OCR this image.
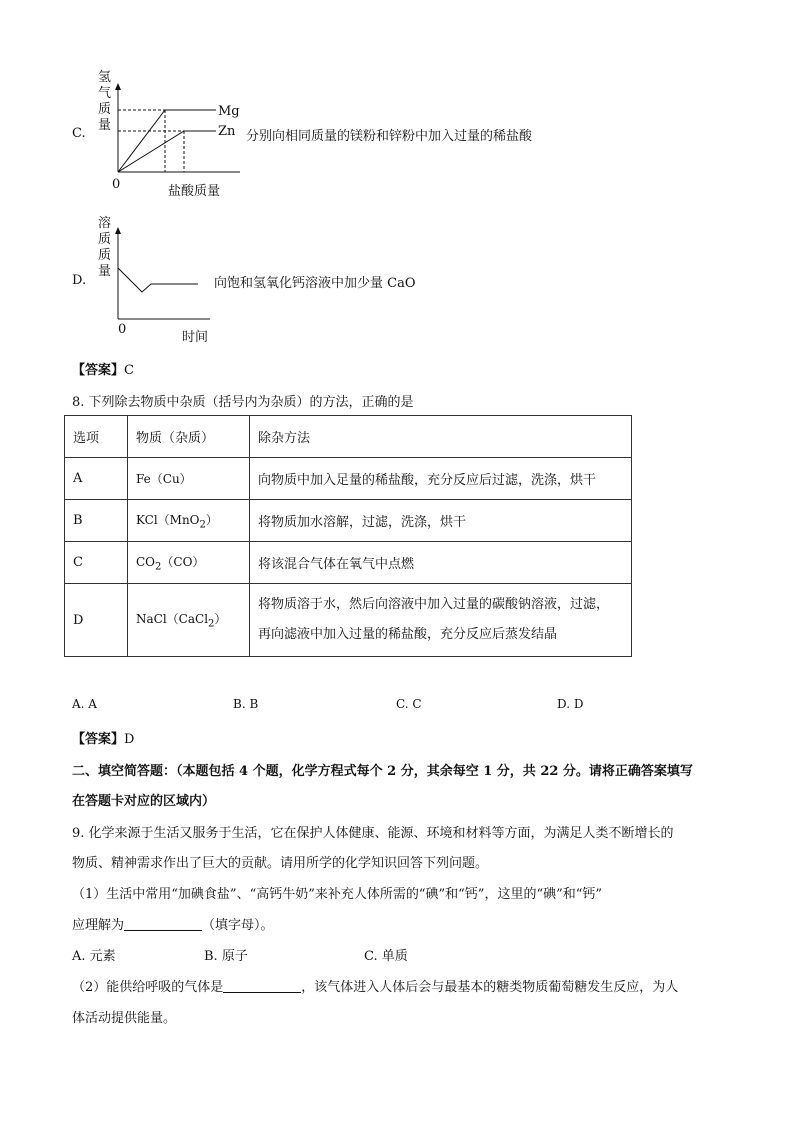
C.
氢
气
质
量
Mg
Zn 分别向相同质量的镁粉和锌粉中加入过量的稀盐酸
0	盐酸质量
D.
溶
质
质
量
向饱和氢氧化钙溶液中加少量 CaO
0
时间
【答案】C
8. 下列除去物质中杂质（括号内为杂质）的方法，正确的是
选项	物质（杂质）	除杂方法
A	Fe（Cu）	向物质中加入足量的稀盐酸，充分反应后过滤，洗涤，烘干
B	KCl（MnO$_2$）	将物质加水溶解，过滤，洗涤，烘干
C	$CO_2(CO)$	将该混合气体在氧气中点燃
D	NaCl（CaCl$_2$）	将物质溶于水，然后向溶液中加入过量的碳酸钠溶液，过滤，
再向滤液中加入过量的稀盐酸，充分反应后蒸发结晶
A. A	B. B	C. C	D. D
【答案】D
二、填空简答题：（本题包括 4 个题，化学方程式每个 2 分，其余每空 1 分，共 22 分。请将正确答案填写
在答题卡对应的区域内）
9. 化学来源于生活又服务于生活，它在保护人体健康、能源、环境和材料等方面，为满足人类不断增长的
物质、精神需求作出了巨大的贡献。请用所学的化学知识回答下列问题。
（1）生活中常用“加碘食盐”、“高钙牛奶”来补充人体所需的“碘”和“钙”，这里的“碘”和“钙”
应理解为	（填字母）。
A. 元素	B. 原子	C. 单质
（2）能供给呼吸的气体是	，该气体进入人体后会与最基本的糖类物质葡萄糖发生反应，为人
体活动提供能量。
